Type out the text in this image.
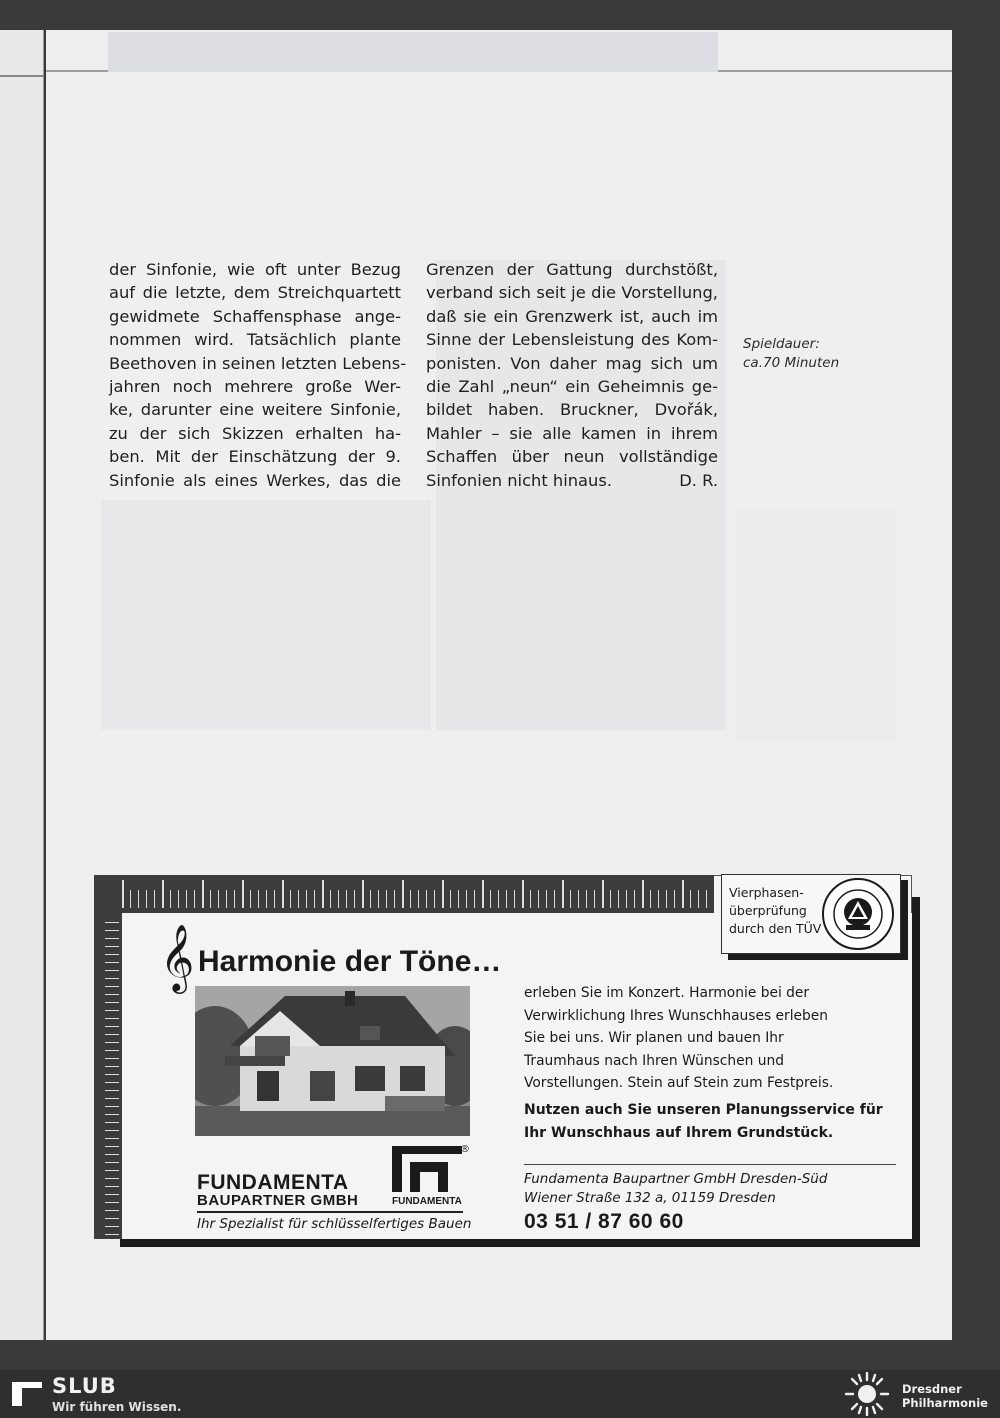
der Sinfonie, wie oft unter Bezug
auf die letzte, dem Streichquartett
gewidmete Schaffensphase ange-
nommen wird. Tatsächlich plante
Beethoven in seinen letzten Lebens-
jahren noch mehrere große Wer-
ke, darunter eine weitere Sinfonie,
zu der sich Skizzen erhalten ha-
ben. Mit der Einschätzung der 9.
Sinfonie als eines Werkes, das die
Grenzen der Gattung durchstößt,
verband sich seit je die Vorstellung,
daß sie ein Grenzwerk ist, auch im
Sinne der Lebensleistung des Kom-
ponisten. Von daher mag sich um
die Zahl „neun“ ein Geheimnis ge-
bildet haben. Bruckner, Dvořák,
Mahler – sie alle kamen in ihrem
Schaffen über neun vollständige
Sinfonien nicht hinaus.	D. R.
Spieldauer:
ca.70 Minuten
𝄞 Harmonie der Töne…
®
FUNDAMENTA
BAUPARTNER GMBH	FUNDAMENTA
Ihr Spezialist für schlüsselfertiges Bauen
erleben Sie im Konzert. Harmonie bei der
Verwirklichung Ihres Wunschhauses erleben
Sie bei uns. Wir planen und bauen Ihr
Traumhaus nach Ihren Wünschen und
Vorstellungen. Stein auf Stein zum Festpreis.
Nutzen auch Sie unseren Planungsservice für
Ihr Wunschhaus auf Ihrem Grundstück.
Fundamenta Baupartner GmbH Dresden-Süd
Wiener Straße 132 a, 01159 Dresden
03 51 / 87 60 60
Vierphasen-
überprüfung
durch den TÜV
SLUB
Wir führen Wissen.
Dresdner
Philharmonie
